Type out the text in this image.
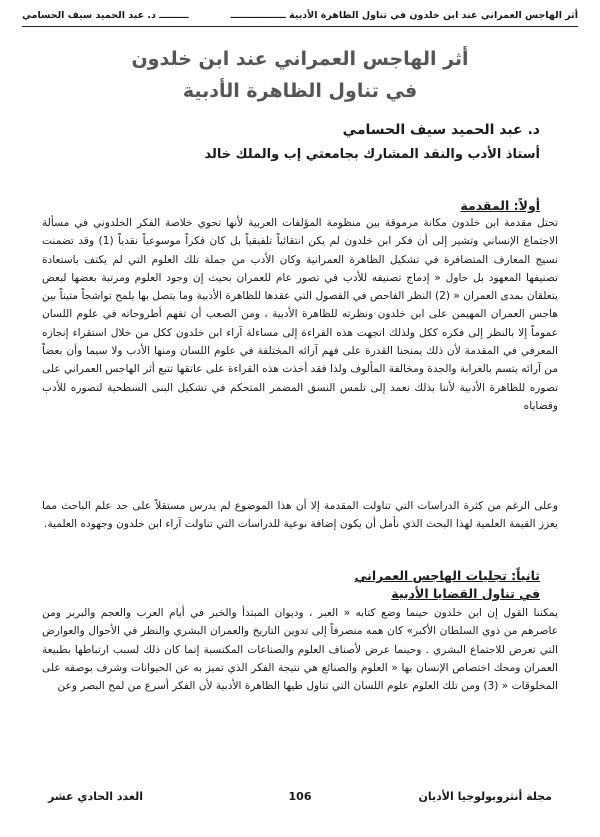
أثر الهاجس العمراني عند ابن خلدون في تناول الظاهرة الأدبية ـــــــــــــــــ
ـــــــــ د. عبد الحميد سيف الحسامي
أثر الهاجس العمراني عند ابن خلدون
في تناول الظاهرة الأدبية
د. عبد الحميد سيف الحسامي
أستاذ الأدب والنقد المشارك بجامعتي إب والملك خالد
أولاً: المقدمة
تحتل مقدمة ابن خلدون مكانة مرموقة بين منظومة المؤلفات العربية لأنها تحوي خلاصة الفكر الخلدوني في مسألة الاجتماع الإنساني وتشير إلى أن فكر ابن خلدون لم يكن انتقائياً تلفيقياً بل كان فكراً موسوعياً نقدياً (1) وقد تضمنت نسيج المعارف المتضافرة في تشكيل الظاهرة العمرانية وكان الأدب من جملة تلك العلوم التي لم يكتف باستعادة تصنيفها المعهود بل حاول « إدماج تصنيفه للأدب في تصور عام للعمران بحيث إن وجود العلوم ومرتبة بعضها لبعض يتعلقان بمدى العمران « (2) النظر الفاحص في الفصول التي عقدها للظاهرة الأدبية وما يتصل بها يلمح تواشجاً متيناً بين هاجس العمران المهيمن على ابن خلدون ونظرته للظاهرة الأدبية ، ومن الصعب أن تفهم أطروحاته في علوم اللسان عموماً إلا بالنظر إلى فكره ككل ولذلك اتجهت هذه القراءة إلى مساءلة آراء ابن خلدون ككل من خلال استقراء إنجازه المعرفي في المقدمة لأن ذلك يمنحنا القدرة على فهم آرائه المختلفة في علوم اللسان ومنها الأدب ولا سيما وأن بعضاً من آرائه يتسم بالغرابة والجدة ومخالفة المألوف ولذا فقد أخذت هذه القراءة على عاتقها تتبع أثر الهاجس العمراني على تصوره للظاهرة الأدبية لأننا بذلك نعمد إلى تلمس النسق المضمر المتحكم في تشكيل البنى السطحية لتصوره للأدب وقضاياه
وعلى الرغم من كثرة الدراسات التي تناولت المقدمة إلا أن هذا الموضوع لم يدرس مستقلاً على حد علم الباحث مما يعزز القيمة العلمية لهذا البحث الذي نأمل أن يكون إضافة نوعية للدراسات التي تناولت آراء ابن خلدون وجهوده العلمية.
ثانياً: تجليات الهاجس العمراني
في تناول القضايا الأدبية
يمكننا القول إن ابن خلدون حينما وضع كتابه « العبر ، وديوان المبتدأ والخبر في أيام العرب والعجم والبربر ومن عاصرهم من ذوي السلطان الأكبر» كان همه منصرفاً إلى تدوين التاريخ والعمران البشري والنظر في الأحوال والعوارض التي تعرض للاجتماع البشري . وحينما عرض لأصناف العلوم والصناعات المكتسبة إنما كان ذلك لسبب ارتباطها بطبيعة العمران ومحك اختصاص الإنسان بها « العلوم والصنائع هي نتيجة الفكر الذي تميز به عن الحيوانات وشرف بوصفه على المخلوقات « (3) ومن تلك العلوم علوم اللسان التي تناول طيها الظاهرة الأدبية لأن الفكر أسرع من لمح البصر وعن
مجلة أنثروبولوجيا الأديان
106
العدد الحادي عشر
